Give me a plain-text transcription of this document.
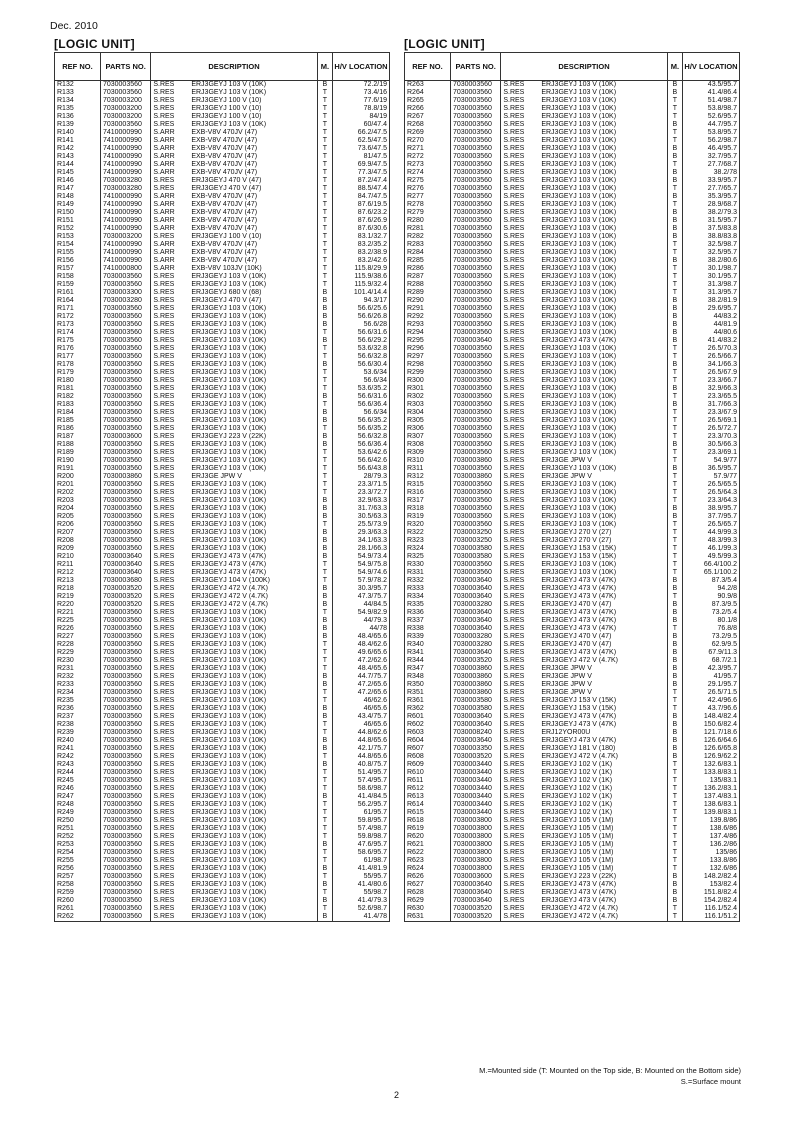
Dec. 2010
[LOGIC UNIT]	[LOGIC UNIT]
REF NO.	PARTS NO.	DESCRIPTION	M.	H/V LOCATION
R132	7030003560	S.RES ERJ3GEYJ 103 V (10K)	B	72.2/19
R133	7030003560	S.RES ERJ3GEYJ 103 V (10K)	T	73.4/16
R134	7030003200	S.RES ERJ3GEYJ 100 V (10)	T	77.6/19
R135	7030003200	S.RES ERJ3GEYJ 100 V (10)	T	78.8/19
R136	7030003200	S.RES ERJ3GEYJ 100 V (10)	T	84/19
R139	7030003560	S.RES ERJ3GEYJ 103 V (10K)	T	60/47.4
R140	7410000990	S.ARR EXB-V8V 470JV (47)	T	66.2/47.5
R141	7410000990	S.ARR EXB-V8V 470JV (47)	T	62.5/47.5
R142	7410000990	S.ARR EXB-V8V 470JV (47)	T	73.6/47.5
R143	7410000990	S.ARR EXB-V8V 470JV (47)	T	81/47.5
R144	7410000990	S.ARR EXB-V8V 470JV (47)	T	69.9/47.5
R145	7410000990	S.ARR EXB-V8V 470JV (47)	T	77.3/47.5
R146	7030003280	S.RES ERJ3GEYJ 470 V (47)	T	87.2/47.4
R147	7030003280	S.RES ERJ3GEYJ 470 V (47)	T	88.5/47.4
R148	7410000990	S.ARR EXB-V8V 470JV (47)	T	84.7/47.5
R149	7410000990	S.ARR EXB-V8V 470JV (47)	T	87.6/19.5
R150	7410000990	S.ARR EXB-V8V 470JV (47)	T	87.6/23.2
R151	7410000990	S.ARR EXB-V8V 470JV (47)	T	87.6/26.9
R152	7410000990	S.ARR EXB-V8V 470JV (47)	T	87.6/30.6
R153	7030003200	S.RES ERJ3GEYJ 100 V (10)	T	83.1/32.7
R154	7410000990	S.ARR EXB-V8V 470JV (47)	T	83.2/35.2
R155	7410000990	S.ARR EXB-V8V 470JV (47)	T	83.2/38.9
R156	7410000990	S.ARR EXB-V8V 470JV (47)	T	83.2/42.6
R157	7410000800	S.ARR EXB-V8V 103JV (10K)	T	115.8/29.9
R158	7030003560	S.RES ERJ3GEYJ 103 V (10K)	T	115.9/38.6
R159	7030003560	S.RES ERJ3GEYJ 103 V (10K)	T	115.9/32.4
R161	7030003300	S.RES ERJ3GEYJ 680 V (68)	B	101.4/14.4
R164	7030003280	S.RES ERJ3GEYJ 470 V (47)	B	94.3/17
R171	7030003560	S.RES ERJ3GEYJ 103 V (10K)	B	56.6/25.6
R172	7030003560	S.RES ERJ3GEYJ 103 V (10K)	B	56.6/26.8
R173	7030003560	S.RES ERJ3GEYJ 103 V (10K)	B	56.6/28
R174	7030003560	S.RES ERJ3GEYJ 103 V (10K)	T	56.6/31.6
R175	7030003560	S.RES ERJ3GEYJ 103 V (10K)	B	56.6/29.2
R176	7030003560	S.RES ERJ3GEYJ 103 V (10K)	T	53.6/32.8
R177	7030003560	S.RES ERJ3GEYJ 103 V (10K)	T	56.6/32.8
R178	7030003560	S.RES ERJ3GEYJ 103 V (10K)	B	56.6/30.4
R179	7030003560	S.RES ERJ3GEYJ 103 V (10K)	T	53.6/34
R180	7030003560	S.RES ERJ3GEYJ 103 V (10K)	T	56.6/34
R181	7030003560	S.RES ERJ3GEYJ 103 V (10K)	T	53.6/35.2
R182	7030003560	S.RES ERJ3GEYJ 103 V (10K)	B	56.6/31.6
R183	7030003560	S.RES ERJ3GEYJ 103 V (10K)	T	56.6/36.4
R184	7030003560	S.RES ERJ3GEYJ 103 V (10K)	B	56.6/34
R185	7030003560	S.RES ERJ3GEYJ 103 V (10K)	B	56.6/35.2
R186	7030003560	S.RES ERJ3GEYJ 103 V (10K)	T	56.6/35.2
R187	7030003600	S.RES ERJ3GEYJ 223 V (22K)	B	56.6/32.8
R188	7030003560	S.RES ERJ3GEYJ 103 V (10K)	B	56.6/36.4
R189	7030003560	S.RES ERJ3GEYJ 103 V (10K)	T	53.6/42.6
R190	7030003560	S.RES ERJ3GEYJ 103 V (10K)	T	56.6/42.6
R191	7030003560	S.RES ERJ3GEYJ 103 V (10K)	T	56.6/43.8
R200	7030003860	S.RES ERJ3GE JPW V	T	28/79.3
R201	7030003560	S.RES ERJ3GEYJ 103 V (10K)	T	23.3/71.5
R202	7030003560	S.RES ERJ3GEYJ 103 V (10K)	T	23.3/72.7
R203	7030003560	S.RES ERJ3GEYJ 103 V (10K)	B	32.9/63.3
R204	7030003560	S.RES ERJ3GEYJ 103 V (10K)	B	31.7/63.3
R205	7030003560	S.RES ERJ3GEYJ 103 V (10K)	B	30.5/63.3
R206	7030003560	S.RES ERJ3GEYJ 103 V (10K)	T	25.5/73.9
R207	7030003560	S.RES ERJ3GEYJ 103 V (10K)	B	29.3/63.3
R208	7030003560	S.RES ERJ3GEYJ 103 V (10K)	B	34.1/63.3
R209	7030003560	S.RES ERJ3GEYJ 103 V (10K)	B	28.1/66.3
R210	7030003640	S.RES ERJ3GEYJ 473 V (47K)	B	54.9/73.4
R211	7030003640	S.RES ERJ3GEYJ 473 V (47K)	T	54.9/75.8
R212	7030003640	S.RES ERJ3GEYJ 473 V (47K)	T	54.9/74.6
R213	7030003680	S.RES ERJ3GEYJ 104 V (100K)	T	57.9/78.2
R218	7030003520	S.RES ERJ3GEYJ 472 V (4.7K)	B	30.3/95.7
R219	7030003520	S.RES ERJ3GEYJ 472 V (4.7K)	B	47.3/75.7
R220	7030003520	S.RES ERJ3GEYJ 472 V (4.7K)	B	44/84.5
R221	7030003560	S.RES ERJ3GEYJ 103 V (10K)	T	54.9/82.9
R225	7030003560	S.RES ERJ3GEYJ 103 V (10K)	B	44/79.3
R226	7030003560	S.RES ERJ3GEYJ 103 V (10K)	B	44/78
R227	7030003560	S.RES ERJ3GEYJ 103 V (10K)	B	48.4/65.6
R228	7030003560	S.RES ERJ3GEYJ 103 V (10K)	T	48.4/62.6
R229	7030003560	S.RES ERJ3GEYJ 103 V (10K)	T	49.6/65.6
R230	7030003560	S.RES ERJ3GEYJ 103 V (10K)	T	47.2/62.6
R231	7030003560	S.RES ERJ3GEYJ 103 V (10K)	T	48.4/65.6
R232	7030003560	S.RES ERJ3GEYJ 103 V (10K)	B	44.7/75.7
R233	7030003560	S.RES ERJ3GEYJ 103 V (10K)	B	47.2/65.6
R234	7030003560	S.RES ERJ3GEYJ 103 V (10K)	T	47.2/65.6
R235	7030003560	S.RES ERJ3GEYJ 103 V (10K)	T	46/62.6
R236	7030003560	S.RES ERJ3GEYJ 103 V (10K)	B	46/65.6
R237	7030003560	S.RES ERJ3GEYJ 103 V (10K)	B	43.4/75.7
R238	7030003560	S.RES ERJ3GEYJ 103 V (10K)	T	46/65.6
R239	7030003560	S.RES ERJ3GEYJ 103 V (10K)	T	44.8/62.6
R240	7030003560	S.RES ERJ3GEYJ 103 V (10K)	B	44.8/65.6
R241	7030003560	S.RES ERJ3GEYJ 103 V (10K)	B	42.1/75.7
R242	7030003560	S.RES ERJ3GEYJ 103 V (10K)	T	44.8/65.6
R243	7030003560	S.RES ERJ3GEYJ 103 V (10K)	B	40.8/75.7
R244	7030003560	S.RES ERJ3GEYJ 103 V (10K)	T	51.4/95.7
R245	7030003560	S.RES ERJ3GEYJ 103 V (10K)	T	57.4/95.7
R246	7030003560	S.RES ERJ3GEYJ 103 V (10K)	T	58.6/98.7
R247	7030003560	S.RES ERJ3GEYJ 103 V (10K)	B	41.4/84.5
R248	7030003560	S.RES ERJ3GEYJ 103 V (10K)	T	56.2/95.7
R249	7030003560	S.RES ERJ3GEYJ 103 V (10K)	T	61/95.7
R250	7030003560	S.RES ERJ3GEYJ 103 V (10K)	T	59.8/95.7
R251	7030003560	S.RES ERJ3GEYJ 103 V (10K)	T	57.4/98.7
R252	7030003560	S.RES ERJ3GEYJ 103 V (10K)	T	59.8/98.7
R253	7030003560	S.RES ERJ3GEYJ 103 V (10K)	B	47.6/95.7
R254	7030003560	S.RES ERJ3GEYJ 103 V (10K)	T	58.6/95.7
R255	7030003560	S.RES ERJ3GEYJ 103 V (10K)	T	61/98.7
R256	7030003560	S.RES ERJ3GEYJ 103 V (10K)	B	41.4/81.9
R257	7030003560	S.RES ERJ3GEYJ 103 V (10K)	T	55/95.7
R258	7030003560	S.RES ERJ3GEYJ 103 V (10K)	B	41.4/80.6
R259	7030003560	S.RES ERJ3GEYJ 103 V (10K)	T	55/98.7
R260	7030003560	S.RES ERJ3GEYJ 103 V (10K)	B	41.4/79.3
R261	7030003560	S.RES ERJ3GEYJ 103 V (10K)	T	52.6/98.7
R262	7030003560	S.RES ERJ3GEYJ 103 V (10K)	B	41.4/78
REF NO.	PARTS NO.	DESCRIPTION	M.	H/V LOCATION
R263	7030003560	S.RES ERJ3GEYJ 103 V (10K)	B	43.5/95.7
R264	7030003560	S.RES ERJ3GEYJ 103 V (10K)	B	41.4/86.4
R265	7030003560	S.RES ERJ3GEYJ 103 V (10K)	T	51.4/98.7
R266	7030003560	S.RES ERJ3GEYJ 103 V (10K)	T	53.8/98.7
R267	7030003560	S.RES ERJ3GEYJ 103 V (10K)	T	52.6/95.7
R268	7030003560	S.RES ERJ3GEYJ 103 V (10K)	B	44.7/95.7
R269	7030003560	S.RES ERJ3GEYJ 103 V (10K)	T	53.8/95.7
R270	7030003560	S.RES ERJ3GEYJ 103 V (10K)	T	56.2/98.7
R271	7030003560	S.RES ERJ3GEYJ 103 V (10K)	B	46.4/95.7
R272	7030003560	S.RES ERJ3GEYJ 103 V (10K)	B	32.7/95.7
R273	7030003560	S.RES ERJ3GEYJ 103 V (10K)	T	27.7/68.7
R274	7030003560	S.RES ERJ3GEYJ 103 V (10K)	B	38.2/78
R275	7030003560	S.RES ERJ3GEYJ 103 V (10K)	B	33.9/95.7
R276	7030003560	S.RES ERJ3GEYJ 103 V (10K)	T	27.7/65.7
R277	7030003560	S.RES ERJ3GEYJ 103 V (10K)	B	35.3/95.7
R278	7030003560	S.RES ERJ3GEYJ 103 V (10K)	T	28.9/68.7
R279	7030003560	S.RES ERJ3GEYJ 103 V (10K)	B	38.2/79.3
R280	7030003560	S.RES ERJ3GEYJ 103 V (10K)	B	31.5/95.7
R281	7030003560	S.RES ERJ3GEYJ 103 V (10K)	B	37.5/83.8
R282	7030003560	S.RES ERJ3GEYJ 103 V (10K)	B	38.8/83.8
R283	7030003560	S.RES ERJ3GEYJ 103 V (10K)	T	32.5/98.7
R284	7030003560	S.RES ERJ3GEYJ 103 V (10K)	T	32.5/95.7
R285	7030003560	S.RES ERJ3GEYJ 103 V (10K)	B	38.2/80.6
R286	7030003560	S.RES ERJ3GEYJ 103 V (10K)	T	30.1/98.7
R287	7030003560	S.RES ERJ3GEYJ 103 V (10K)	T	30.1/95.7
R288	7030003560	S.RES ERJ3GEYJ 103 V (10K)	T	31.3/98.7
R289	7030003560	S.RES ERJ3GEYJ 103 V (10K)	T	31.3/95.7
R290	7030003560	S.RES ERJ3GEYJ 103 V (10K)	B	38.2/81.9
R291	7030003560	S.RES ERJ3GEYJ 103 V (10K)	B	29.6/95.7
R292	7030003560	S.RES ERJ3GEYJ 103 V (10K)	B	44/83.2
R293	7030003560	S.RES ERJ3GEYJ 103 V (10K)	B	44/81.9
R294	7030003560	S.RES ERJ3GEYJ 103 V (10K)	B	44/80.6
R295	7030003640	S.RES ERJ3GEYJ 473 V (47K)	B	41.4/83.2
R296	7030003560	S.RES ERJ3GEYJ 103 V (10K)	T	26.5/70.3
R297	7030003560	S.RES ERJ3GEYJ 103 V (10K)	T	26.5/66.7
R298	7030003560	S.RES ERJ3GEYJ 103 V (10K)	B	34.1/66.3
R299	7030003560	S.RES ERJ3GEYJ 103 V (10K)	T	26.5/67.9
R300	7030003560	S.RES ERJ3GEYJ 103 V (10K)	T	23.3/66.7
R301	7030003560	S.RES ERJ3GEYJ 103 V (10K)	B	32.9/66.3
R302	7030003560	S.RES ERJ3GEYJ 103 V (10K)	T	23.3/65.5
R303	7030003560	S.RES ERJ3GEYJ 103 V (10K)	B	31.7/66.3
R304	7030003560	S.RES ERJ3GEYJ 103 V (10K)	T	23.3/67.9
R305	7030003560	S.RES ERJ3GEYJ 103 V (10K)	T	26.5/69.1
R306	7030003560	S.RES ERJ3GEYJ 103 V (10K)	T	26.5/72.7
R307	7030003560	S.RES ERJ3GEYJ 103 V (10K)	T	23.3/70.3
R308	7030003560	S.RES ERJ3GEYJ 103 V (10K)	B	30.5/66.3
R309	7030003560	S.RES ERJ3GEYJ 103 V (10K)	T	23.3/69.1
R310	7030003860	S.RES ERJ3GE JPW V	T	54.9/77
R311	7030003560	S.RES ERJ3GEYJ 103 V (10K)	B	36.5/95.7
R312	7030003860	S.RES ERJ3GE JPW V	T	57.9/77
R315	7030003560	S.RES ERJ3GEYJ 103 V (10K)	T	26.5/65.5
R316	7030003560	S.RES ERJ3GEYJ 103 V (10K)	T	26.5/64.3
R317	7030003560	S.RES ERJ3GEYJ 103 V (10K)	T	23.3/64.3
R318	7030003560	S.RES ERJ3GEYJ 103 V (10K)	B	38.9/95.7
R319	7030003560	S.RES ERJ3GEYJ 103 V (10K)	B	37.7/95.7
R320	7030003560	S.RES ERJ3GEYJ 103 V (10K)	T	26.5/65.7
R322	7030003250	S.RES ERJ3GEYJ 270 V (27)	T	44.9/99.3
R323	7030003250	S.RES ERJ3GEYJ 270 V (27)	T	48.3/99.3
R324	7030003580	S.RES ERJ3GEYJ 153 V (15K)	T	46.1/99.3
R325	7030003580	S.RES ERJ3GEYJ 153 V (15K)	T	49.5/99.3
R330	7030003560	S.RES ERJ3GEYJ 103 V (10K)	T	66.4/100.2
R331	7030003560	S.RES ERJ3GEYJ 103 V (10K)	T	65.1/100.2
R332	7030003640	S.RES ERJ3GEYJ 473 V (47K)	B	87.3/5.4
R333	7030003640	S.RES ERJ3GEYJ 473 V (47K)	B	94.2/8
R334	7030003640	S.RES ERJ3GEYJ 473 V (47K)	T	90.9/8
R335	7030003280	S.RES ERJ3GEYJ 470 V (47)	B	87.3/9.5
R336	7030003640	S.RES ERJ3GEYJ 473 V (47K)	B	73.2/5.4
R337	7030003640	S.RES ERJ3GEYJ 473 V (47K)	B	80.1/8
R338	7030003640	S.RES ERJ3GEYJ 473 V (47K)	T	76.8/8
R339	7030003280	S.RES ERJ3GEYJ 470 V (47)	B	73.2/9.5
R340	7030003280	S.RES ERJ3GEYJ 470 V (47)	B	62.9/9.5
R341	7030003640	S.RES ERJ3GEYJ 473 V (47K)	B	67.9/11.3
R344	7030003520	S.RES ERJ3GEYJ 472 V (4.7K)	B	68.7/2.1
R347	7030003860	S.RES ERJ3GE JPW V	B	42.3/95.7
R348	7030003860	S.RES ERJ3GE JPW V	B	41/95.7
R350	7030003860	S.RES ERJ3GE JPW V	B	29.1/95.7
R351	7030003860	S.RES ERJ3GE JPW V	T	26.5/71.5
R361	7030003580	S.RES ERJ3GEYJ 153 V (15K)	T	42.4/96.6
R362	7030003580	S.RES ERJ3GEYJ 153 V (15K)	T	43.7/96.6
R601	7030003640	S.RES ERJ3GEYJ 473 V (47K)	B	148.4/82.4
R602	7030003640	S.RES ERJ3GEYJ 473 V (47K)	B	150.6/82.4
R603	7030008240	S.RES ERJ12YOR00U	B	121.7/18.6
R604	7030003640	S.RES ERJ3GEYJ 473 V (47K)	B	126.6/64.6
R607	7030003350	S.RES ERJ3GEYJ 181 V (180)	B	126.6/65.8
R608	7030003520	S.RES ERJ3GEYJ 472 V (4.7K)	B	126.9/62.2
R609	7030003440	S.RES ERJ3GEYJ 102 V (1K)	T	132.6/83.1
R610	7030003440	S.RES ERJ3GEYJ 102 V (1K)	T	133.8/83.1
R611	7030003440	S.RES ERJ3GEYJ 102 V (1K)	T	135/83.1
R612	7030003440	S.RES ERJ3GEYJ 102 V (1K)	T	136.2/83.1
R613	7030003440	S.RES ERJ3GEYJ 102 V (1K)	T	137.4/83.1
R614	7030003440	S.RES ERJ3GEYJ 102 V (1K)	T	138.6/83.1
R615	7030003440	S.RES ERJ3GEYJ 102 V (1K)	T	139.8/83.1
R618	7030003800	S.RES ERJ3GEYJ 105 V (1M)	T	139.8/86
R619	7030003800	S.RES ERJ3GEYJ 105 V (1M)	T	138.6/86
R620	7030003800	S.RES ERJ3GEYJ 105 V (1M)	T	137.4/86
R621	7030003800	S.RES ERJ3GEYJ 105 V (1M)	T	136.2/86
R622	7030003800	S.RES ERJ3GEYJ 105 V (1M)	T	135/86
R623	7030003800	S.RES ERJ3GEYJ 105 V (1M)	T	133.8/86
R624	7030003800	S.RES ERJ3GEYJ 105 V (1M)	T	132.6/86
R626	7030003600	S.RES ERJ3GEYJ 223 V (22K)	B	148.2/82.4
R627	7030003640	S.RES ERJ3GEYJ 473 V (47K)	B	153/82.4
R628	7030003640	S.RES ERJ3GEYJ 473 V (47K)	B	151.8/82.4
R629	7030003640	S.RES ERJ3GEYJ 473 V (47K)	B	154.2/82.4
R630	7030003520	S.RES ERJ3GEYJ 472 V (4.7K)	T	116.1/52.4
R631	7030003520	S.RES ERJ3GEYJ 472 V (4.7K)	T	116.1/51.2
M.=Mounted side (T: Mounted on the Top side, B: Mounted on the Bottom side)
S.=Surface mount
2
